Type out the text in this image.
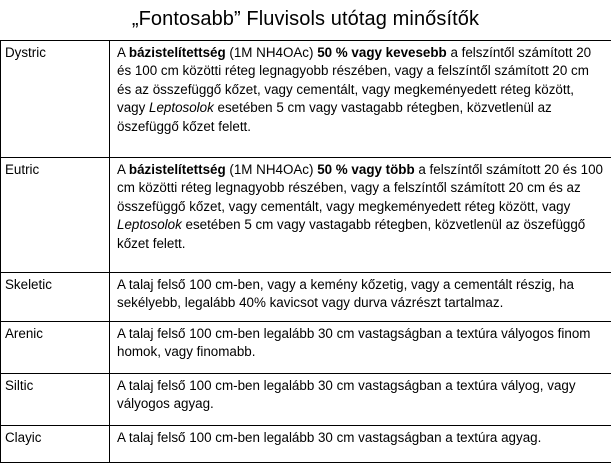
„Fontosabb” Fluvisols utótag minősítők
Dystric	A bázistelítettség (1M NH4OAc) 50 % vagy kevesebb a felszíntől számított 20 és 100 cm közötti réteg legnagyobb részében, vagy a felszíntől számított 20 cm és az összefüggő kőzet, vagy cementált, vagy megkeményedett réteg között, vagy Leptosolok esetében 5 cm vagy vastagabb rétegben, közvetlenül az öszefüggő kőzet felett.
Eutric	A bázistelítettség (1M NH4OAc) 50 % vagy több a felszíntől számított 20 és 100 cm közötti réteg legnagyobb részében, vagy a felszíntől számított 20 cm és az összefüggő kőzet, vagy cementált, vagy megkeményedett réteg között, vagy Leptosolok esetében 5 cm vagy vastagabb rétegben, közvetlenül az öszefüggő kőzet felett.
Skeletic	A talaj felső 100 cm-ben, vagy a kemény kőzetig, vagy a cementált részig, ha sekélyebb, legalább 40% kavicsot vagy durva vázrészt tartalmaz.
Arenic	A talaj felső 100 cm-ben legalább 30 cm vastagságban a textúra vályogos finom homok, vagy finomabb.
Siltic	A talaj felső 100 cm-ben legalább 30 cm vastagságban a textúra vályog, vagy vályogos agyag.
Clayic	A talaj felső 100 cm-ben legalább 30 cm vastagságban a textúra agyag.
